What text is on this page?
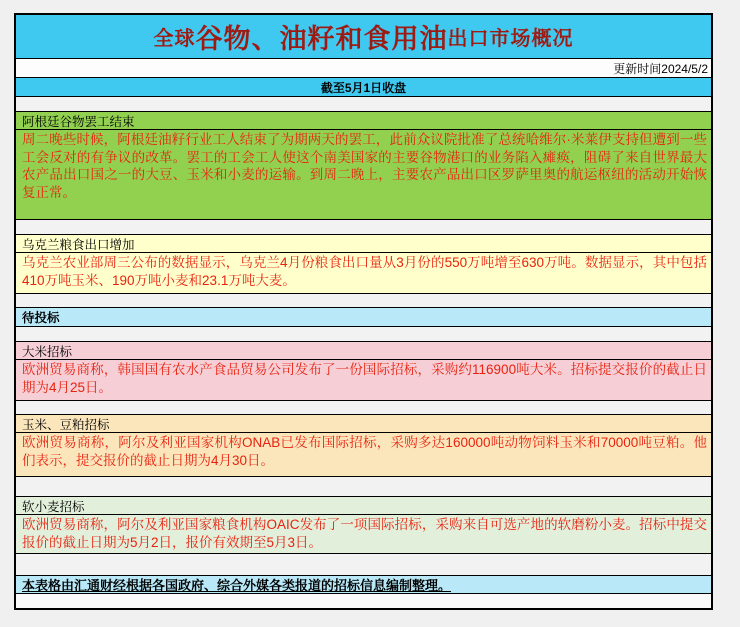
全球 谷物、油籽和食用油 出口市场概况
更新时间2024/5/2
截至5月1日收盘
阿根廷谷物罢工结束
周二晚些时候，阿根廷油籽行业工人结束了为期两天的罢工，此前众议院批准了总统哈维尔·米莱伊支持但遭到一些工会反对的有争议的改革。罢工的工会工人使这个南美国家的主要谷物港口的业务陷入瘫痪，阻碍了来自世界最大农产品出口国之一的大豆、玉米和小麦的运输。到周二晚上，主要农产品出口区罗萨里奥的航运枢纽的活动开始恢复正常。
乌克兰粮食出口增加
乌克兰农业部周三公布的数据显示，乌克兰4月份粮食出口量从3月份的550万吨增至630万吨。数据显示，其中包括410万吨玉米、190万吨小麦和23.1万吨大麦。
待投标
大米招标
欧洲贸易商称，韩国国有农水产食品贸易公司发布了一份国际招标，采购约116900吨大米。招标提交报价的截止日期为4月25日。
玉米、豆粕招标
欧洲贸易商称，阿尔及利亚国家机构ONAB已发布国际招标，采购多达160000吨动物饲料玉米和70000吨豆粕。他们表示，提交报价的截止日期为4月30日。
软小麦招标
欧洲贸易商称，阿尔及利亚国家粮食机构OAIC发布了一项国际招标，采购来自可选产地的软磨粉小麦。招标中提交报价的截止日期为5月2日，报价有效期至5月3日。
本表格由汇通财经根据各国政府、综合外媒各类报道的招标信息编制整理。
